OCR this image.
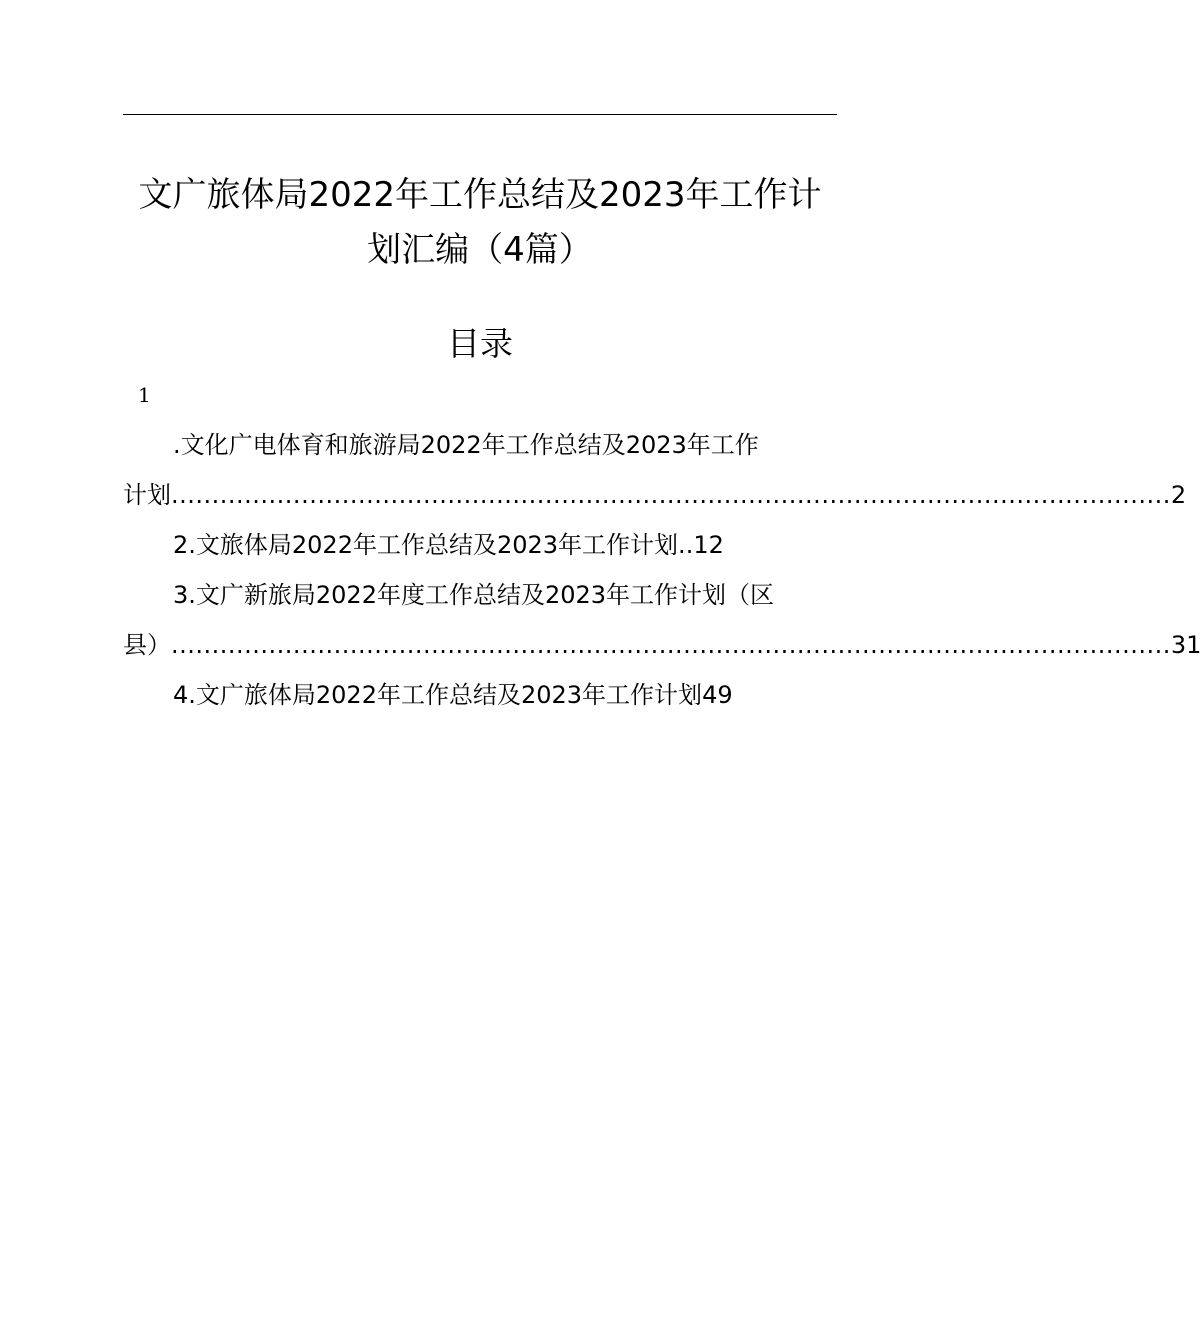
文广旅体局2022年工作总结及2023年工作计
划汇编（4篇）
目录
1
.文化广电体育和旅游局2022年工作总结及2023年工作
计划 ........................................................................................................................... 2
2.文旅体局2022年工作总结及2023年工作计划..12
3.文广新旅局2022年度工作总结及2023年工作计划（区
县） ........................................................................................................................... 31
4.文广旅体局2022年工作总结及2023年工作计划49
